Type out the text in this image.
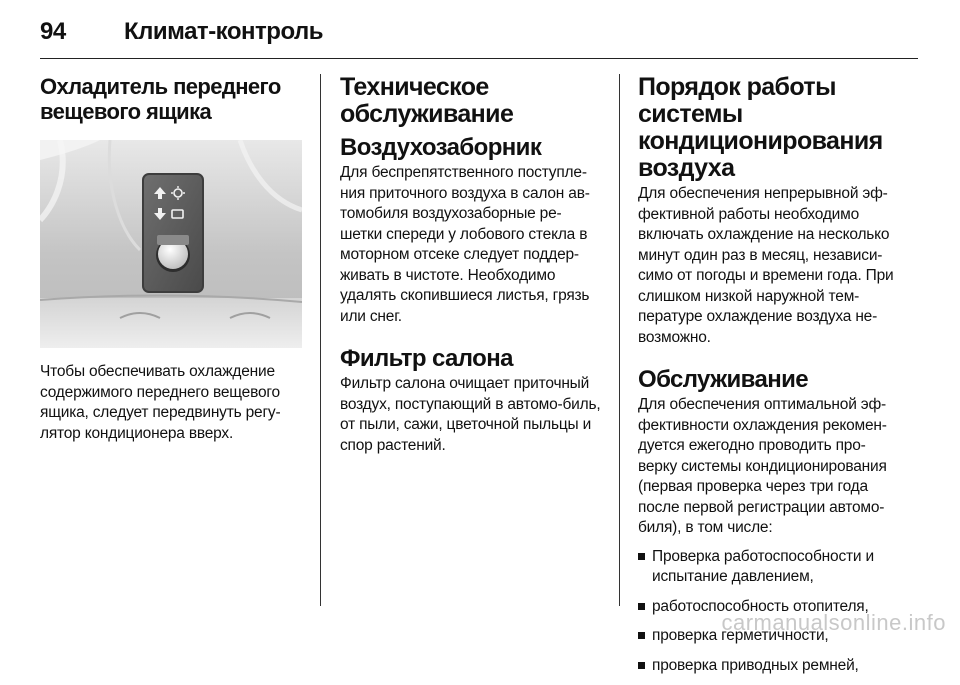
94 Климат-контроль
Охладитель переднего вещевого ящика

Чтобы обеспечивать охлаждение содержимого переднего вещевого ящика, следует передвинуть регу-лятор кондиционера вверх.

Техническое обслуживание
Воздухозаборник

Для беспрепятственного поступле-ния приточного воздуха в салон ав-томобиля воздухозаборные ре-шетки спереди у лобового стекла в моторном отсеке следует поддер-живать в чистоте. Необходимо удалять скопившиеся листья, грязь или снег.

Фильтр салона

Фильтр салона очищает приточный воздух, поступающий в автомо-биль, от пыли, сажи, цветочной пыльцы и спор растений.

Порядок работы системы кондиционирования воздуха

Для обеспечения непрерывной эф-фективной работы необходимо включать охлаждение на несколько минут один раз в месяц, независи-симо от погоды и времени года. При слишком низкой наружной тем-пературе охлаждение воздуха не-возможно.

Обслуживание

Для обеспечения оптимальной эф-фективности охлаждения рекомен-дуется ежегодно проводить про-верку системы кондиционирования (первая проверка через три года после первой регистрации автомо-биля), в том числе:

Проверка работоспособности и испытание давлением,
работоспособность отопителя,
проверка герметичности,
проверка приводных ремней,
carmanualsonline.info
